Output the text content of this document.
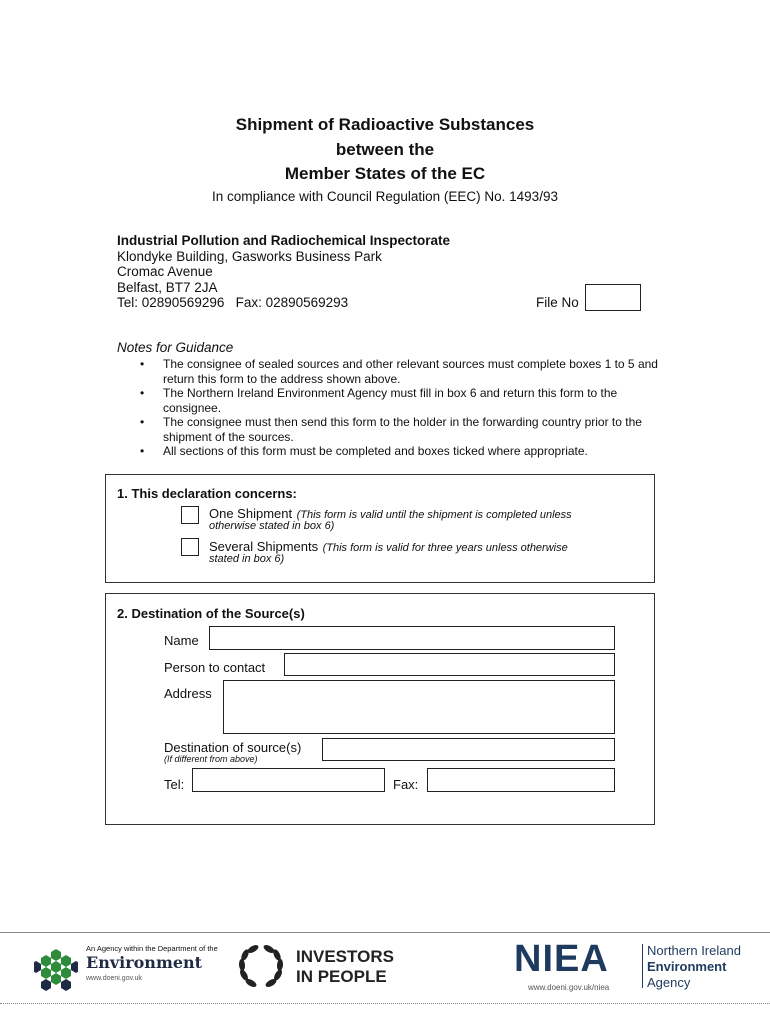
Shipment of Radioactive Substances
between the
Member States of the EC
In compliance with Council Regulation (EEC) No. 1493/93
Industrial Pollution and Radiochemical Inspectorate
Klondyke Building, Gasworks Business Park
Cromac Avenue
Belfast, BT7 2JA
Tel: 02890569296   Fax: 02890569293	File No
Notes for Guidance
• The consignee of sealed sources and other relevant sources must complete boxes 1 to 5 and return this form to the address shown above.
• The Northern Ireland Environment Agency must fill in box 6 and return this form to the consignee.
• The consignee must then send this form to the holder in the forwarding country prior to the shipment of the sources.
• All sections of this form must be completed and boxes ticked where appropriate.
1. This declaration concerns:
One Shipment (This form is valid until the shipment is completed unless
otherwise stated in box 6)
Several Shipments (This form is valid for three years unless otherwise
stated in box 6)
2. Destination of the Source(s)
Name
Person to contact
Address
Destination of source(s)
(If different from above)
Tel:	Fax:
An Agency within the Department of the
Environment
www.doeni.gov.uk
INVESTORS
IN PEOPLE	NIEA
www.doeni.gov.uk/niea
Northern Ireland
Environment
Agency
